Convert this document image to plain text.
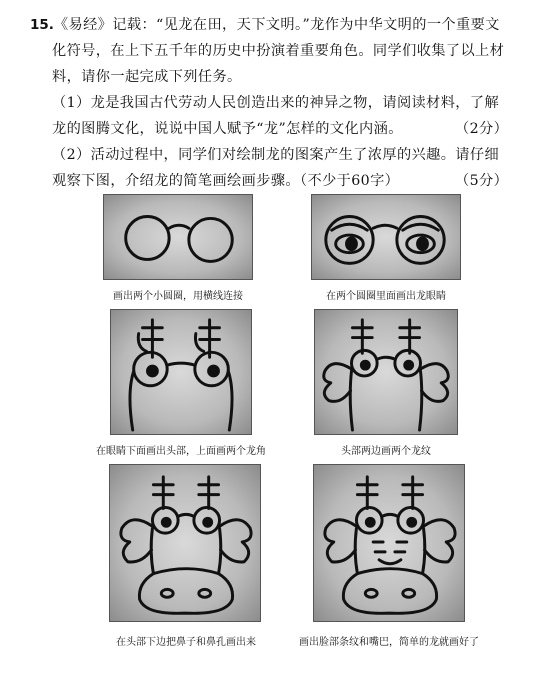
15.《易经》记载：“见龙在田，天下文明。”龙作为中华文明的一个重要文
化符号，在上下五千年的历史中扮演着重要角色。同学们收集了以上材
料，请你一起完成下列任务。
（1）龙是我国古代劳动人民创造出来的神异之物，请阅读材料，了解
龙的图腾文化，说说中国人赋予“龙”怎样的文化内涵。	（2分）
（2）活动过程中，同学们对绘制龙的图案产生了浓厚的兴趣。请仔细
观察下图，介绍龙的简笔画绘画步骤。（不少于60字）	（5分）
画出两个小圆圈，用横线连接	在两个圆圈里面画出龙眼睛
在眼睛下面画出头部，上面画两个龙角	头部两边画两个龙纹
在头部下边把鼻子和鼻孔画出来	画出脸部条纹和嘴巴，简单的龙就画好了
